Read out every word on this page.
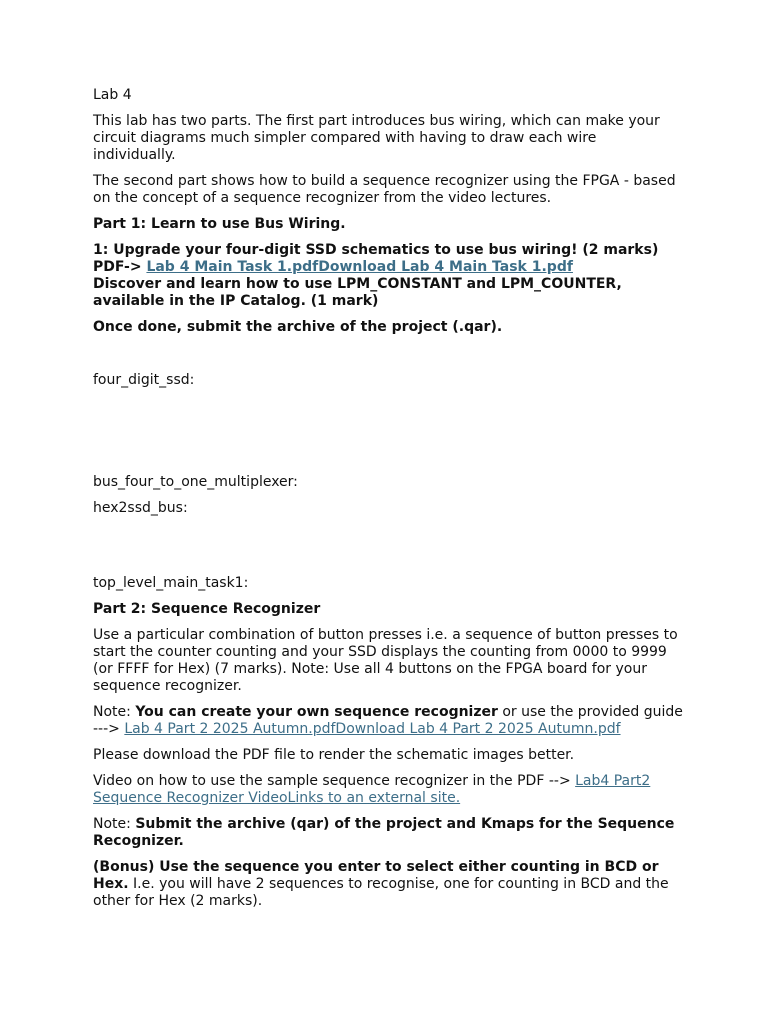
Lab 4

This lab has two parts. The first part introduces bus wiring, which can make your circuit diagrams much simpler compared with having to draw each wire individually.

The second part shows how to build a sequence recognizer using the FPGA - based on the concept of a sequence recognizer from the video lectures.

Part 1: Learn to use Bus Wiring.

1: Upgrade your four-digit SSD schematics to use bus wiring! (2 marks) PDF-> Lab 4 Main Task 1.pdfDownload Lab 4 Main Task 1.pdf
Discover and learn how to use LPM_CONSTANT and LPM_COUNTER, available in the IP Catalog. (1 mark)

Once done, submit the archive of the project (.qar).

four_digit_ssd:

bus_four_to_one_multiplexer:

hex2ssd_bus:

top_level_main_task1:

Part 2: Sequence Recognizer

Use a particular combination of button presses i.e. a sequence of button presses to start the counter counting and your SSD displays the counting from 0000 to 9999 (or FFFF for Hex) (7 marks). Note: Use all 4 buttons on the FPGA board for your sequence recognizer.

Note: You can create your own sequence recognizer or use the provided guide ---> Lab 4 Part 2 2025 Autumn.pdfDownload Lab 4 Part 2 2025 Autumn.pdf

Please download the PDF file to render the schematic images better.

Video on how to use the sample sequence recognizer in the PDF --> Lab4 Part2 Sequence Recognizer VideoLinks to an external site.

Note: Submit the archive (qar) of the project and Kmaps for the Sequence Recognizer.

(Bonus) Use the sequence you enter to select either counting in BCD or Hex. I.e. you will have 2 sequences to recognise, one for counting in BCD and the other for Hex (2 marks).
